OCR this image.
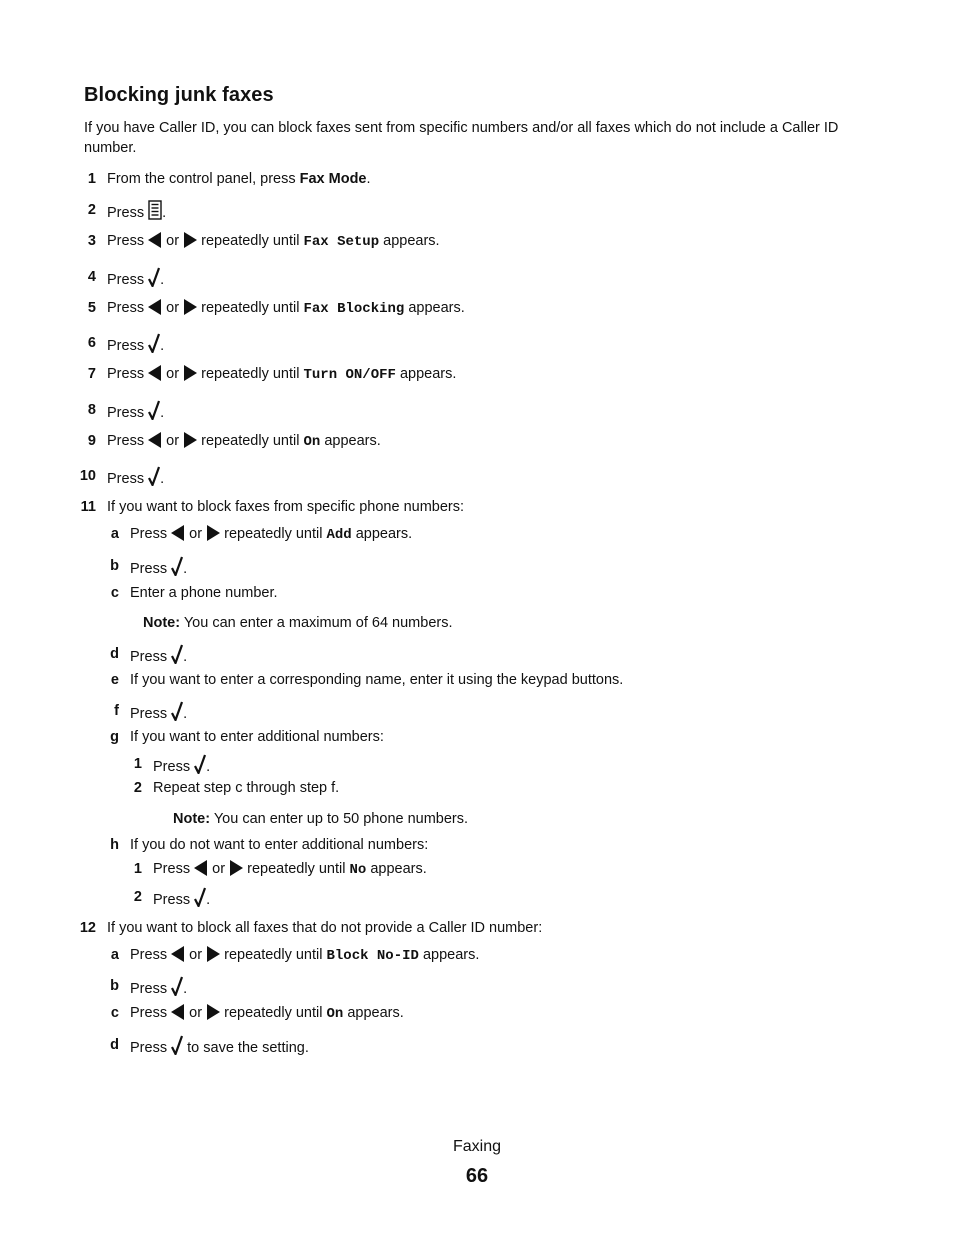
Blocking junk faxes

If you have Caller ID, you can block faxes sent from specific numbers and/or all faxes which do not include a Caller ID number.

1 From the control panel, press Fax Mode.
2 Press .
3 Press or repeatedly until Fax Setup appears.
4 Press .
5 Press or repeatedly until Fax Blocking appears.
6 Press .
7 Press or repeatedly until Turn ON/OFF appears.
8 Press .
9 Press or repeatedly until On appears.
10 Press .
11 If you want to block faxes from specific phone numbers:
a Press or repeatedly until Add appears.
b Press .
c Enter a phone number.
Note: You can enter a maximum of 64 numbers.
d Press .
e If you want to enter a corresponding name, enter it using the keypad buttons.
f Press .
g If you want to enter additional numbers:
1 Press .
2 Repeat step c through step f.
Note: You can enter up to 50 phone numbers.
h If you do not want to enter additional numbers:
1 Press or repeatedly until No appears.
2 Press .
12 If you want to block all faxes that do not provide a Caller ID number:
a Press or repeatedly until Block No-ID appears.
b Press .
c Press or repeatedly until On appears.
d Press  to save the setting.
Faxing
66
